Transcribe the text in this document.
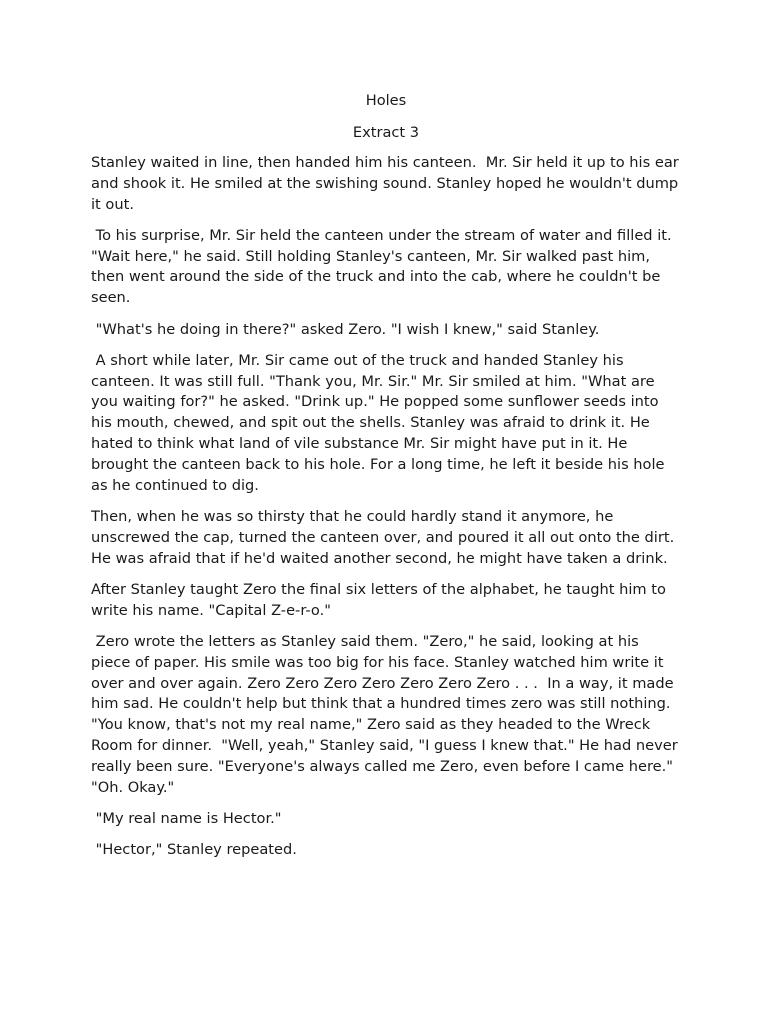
Holes
Extract 3

Stanley waited in line, then handed him his canteen.  Mr. Sir held it up to his ear and shook it. He smiled at the swishing sound. Stanley hoped he wouldn't dump it out.

To his surprise, Mr. Sir held the canteen under the stream of water and filled it. "Wait here," he said. Still holding Stanley's canteen, Mr. Sir walked past him, then went around the side of the truck and into the cab, where he couldn't be seen.

"What's he doing in there?" asked Zero. "I wish I knew," said Stanley.

A short while later, Mr. Sir came out of the truck and handed Stanley his canteen. It was still full. "Thank you, Mr. Sir." Mr. Sir smiled at him. "What are you waiting for?" he asked. "Drink up." He popped some sunflower seeds into his mouth, chewed, and spit out the shells. Stanley was afraid to drink it. He hated to think what land of vile substance Mr. Sir might have put in it. He brought the canteen back to his hole. For a long time, he left it beside his hole as he continued to dig.

Then, when he was so thirsty that he could hardly stand it anymore, he unscrewed the cap, turned the canteen over, and poured it all out onto the dirt. He was afraid that if he'd waited another second, he might have taken a drink.

After Stanley taught Zero the final six letters of the alphabet, he taught him to write his name. "Capital Z-e-r-o."

Zero wrote the letters as Stanley said them. "Zero," he said, looking at his piece of paper. His smile was too big for his face. Stanley watched him write it over and over again. Zero Zero Zero Zero Zero Zero Zero . . .  In a way, it made him sad. He couldn't help but think that a hundred times zero was still nothing. "You know, that's not my real name," Zero said as they headed to the Wreck Room for dinner.  "Well, yeah," Stanley said, "I guess I knew that." He had never really been sure. "Everyone's always called me Zero, even before I came here."  "Oh. Okay."

"My real name is Hector."

"Hector," Stanley repeated.
